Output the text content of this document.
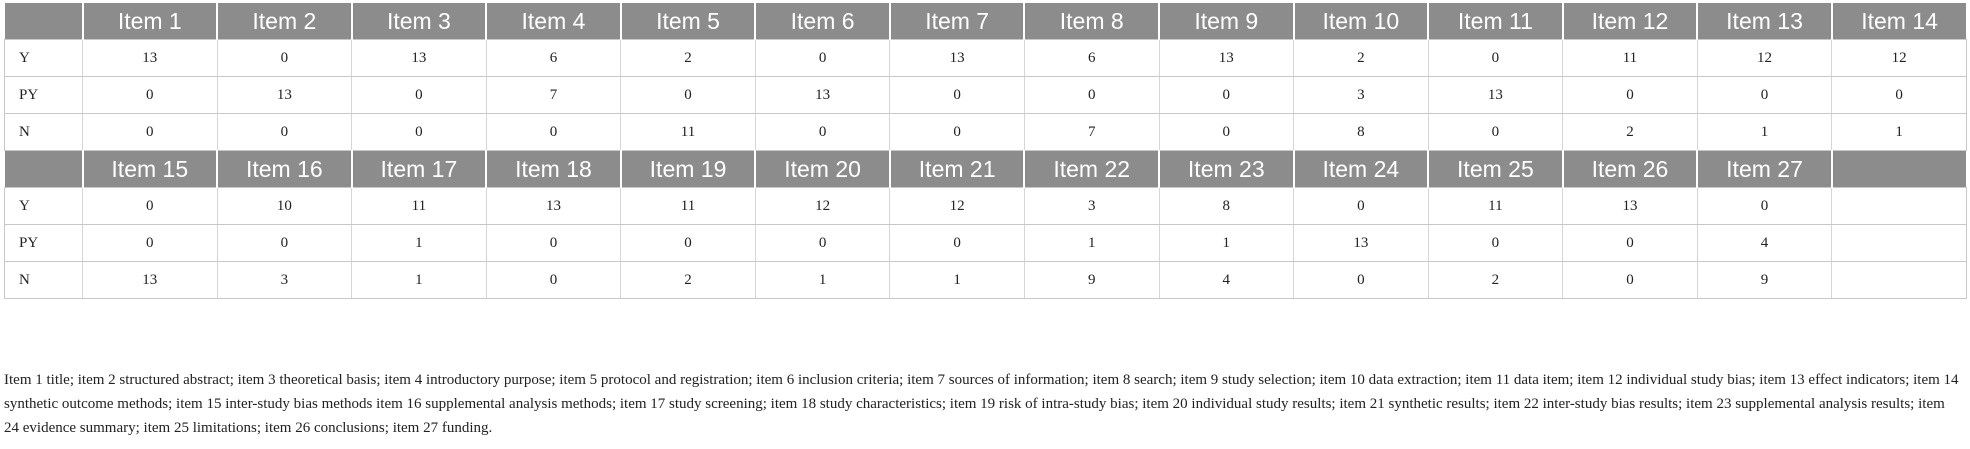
	Item 1	Item 2	Item 3	Item 4	Item 5	Item 6	Item 7	Item 8	Item 9	Item 10	Item 11	Item 12	Item 13	Item 14
Y	13	0	13	6	2	0	13	6	13	2	0	11	12	12
PY	0	13	0	7	0	13	0	0	0	3	13	0	0	0
N	0	0	0	0	11	0	0	7	0	8	0	2	1	1
	Item 15	Item 16	Item 17	Item 18	Item 19	Item 20	Item 21	Item 22	Item 23	Item 24	Item 25	Item 26	Item 27	
Y	0	10	11	13	11	12	12	3	8	0	11	13	0	
PY	0	0	1	0	0	0	0	1	1	13	0	0	4	
N	13	3	1	0	2	1	1	9	4	0	2	0	9	
Item 1 title; item 2 structured abstract; item 3 theoretical basis; item 4 introductory purpose; item 5 protocol and registration; item 6 inclusion criteria; item 7 sources of information; item 8 search; item 9 study selection; item 10 data extraction; item 11 data item; item 12 individual study bias; item 13 effect indicators; item 14 synthetic outcome methods; item 15 inter-study bias methods item 16 supplemental analysis methods; item 17 study screening; item 18 study characteristics; item 19 risk of intra-study bias; item 20 individual study results; item 21 synthetic results; item 22 inter-study bias results; item 23 supplemental analysis results; item 24 evidence summary; item 25 limitations; item 26 conclusions; item 27 funding.
